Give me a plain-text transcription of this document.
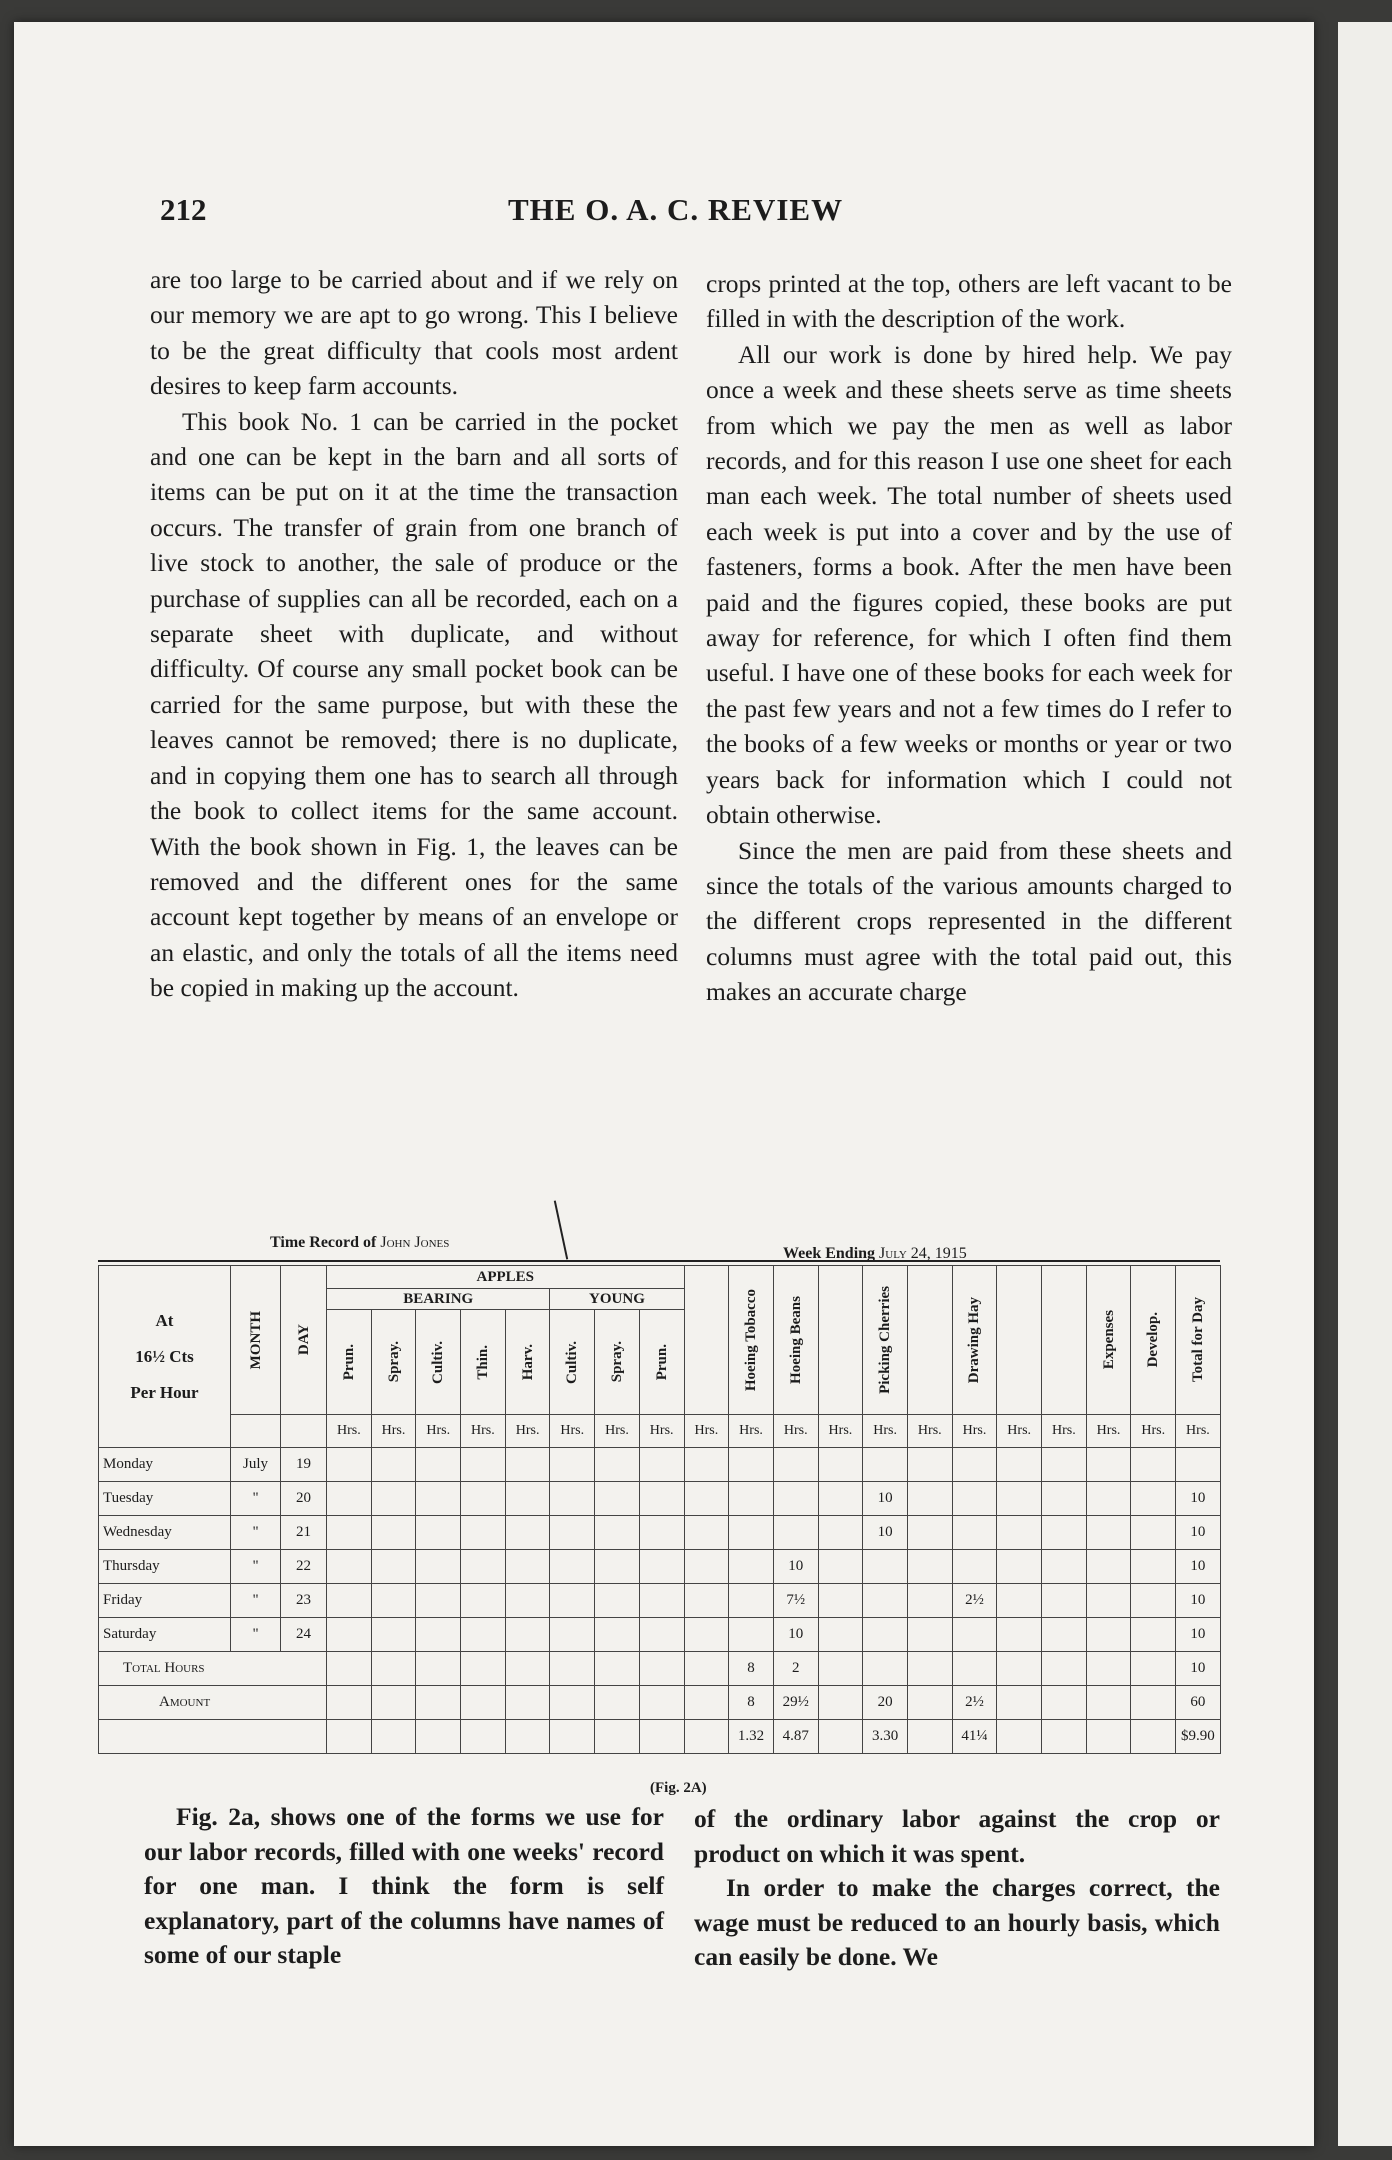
212	THE O. A. C. REVIEW

are too large to be carried about and if we rely on our memory we are apt to go wrong. This I believe to be the great difficulty that cools most ardent desires to keep farm accounts.

This book No. 1 can be carried in the pocket and one can be kept in the barn and all sorts of items can be put on it at the time the transaction occurs. The transfer of grain from one branch of live stock to another, the sale of produce or the purchase of supplies can all be recorded, each on a separate sheet with duplicate, and without difficulty. Of course any small pocket book can be carried for the same purpose, but with these the leaves cannot be removed; there is no duplicate, and in copying them one has to search all through the book to collect items for the same account. With the book shown in Fig. 1, the leaves can be removed and the different ones for the same account kept together by means of an envelope or an elastic, and only the totals of all the items need be copied in making up the account.

crops printed at the top, others are left vacant to be filled in with the description of the work.

All our work is done by hired help. We pay once a week and these sheets serve as time sheets from which we pay the men as well as labor records, and for this reason I use one sheet for each man each week. The total number of sheets used each week is put into a cover and by the use of fasteners, forms a book. After the men have been paid and the figures copied, these books are put away for reference, for which I often find them useful. I have one of these books for each week for the past few years and not a few times do I refer to the books of a few weeks or months or year or two years back for information which I could not obtain otherwise.

Since the men are paid from these sheets and since the totals of the various amounts charged to the different crops represented in the different columns must agree with the total paid out, this makes an accurate charge

Time Record of John Jones
Week Ending July 24, 1915
At
16½ Cts
Per Hour	MONTH	DAY	APPLES									Hoeing Tobacco	Hoeing Beans		Picking Cherries		Drawing Hay			Expenses	Develop.	Total for Day

			BEARING					YOUNG														

			Prun.	Spray.	Cultiv.	Thin.	Harv.	Cultiv.	Spray.	Prun.												

			Hrs.	Hrs.	Hrs.	Hrs.	Hrs.	Hrs.	Hrs.	Hrs.	Hrs.	Hrs.	Hrs.	Hrs.	Hrs.	Hrs.	Hrs.	Hrs.	Hrs.	Hrs.	Hrs.	Hrs.
Monday	July	19																				
Tuesday	"	20													10							10
Wednesday	"	21													10							10
Thursday	"	22											10									10
Friday	"	23											7½				2½					10
Saturday	"	24											10									10
Total Hours												8	2									10
Amount												8	29½		20		2½					60
												1.32	4.87		3.30		41¼					$9.90
(Fig. 2A)

Fig. 2a, shows one of the forms we use for our labor records, filled with one weeks' record for one man. I think the form is self explanatory, part of the columns have names of some of our staple

of the ordinary labor against the crop or product on which it was spent.

In order to make the charges correct, the wage must be reduced to an hourly basis, which can easily be done. We
